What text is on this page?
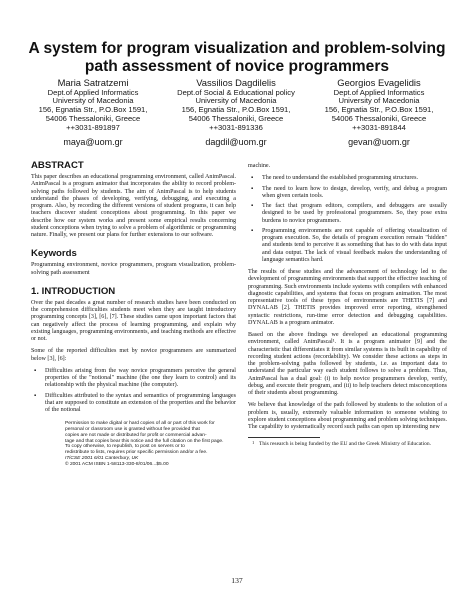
A system for program visualization and problem-solving
path assessment of novice programmers
Maria Satratzemi
Dept.of Applied Informatics
University of Macedonia
156, Egnatia Str., P.O.Box 1591,
54006 Thessaloniki, Greece
++3031-891897
maya@uom.gr
Vassilios Dagdilelis
Dept.of Social & Educational policy
University of Macedonia
156, Egnatia Str., P.O.Box 1591,
54006 Thessaloniki, Greece
++3031-891336
dagdil@uom.gr
Georgios Evagelidis
Dept.of Applied Informatics
University of Macedonia
156, Egnatia Str., P.O.Box 1591,
54006 Thessaloniki, Greece
++3031-891844
gevan@uom.gr
ABSTRACT

This paper describes an educational programming environment, called AnimPascal. AnimPascal is a program animator that incorporates the ability to record problem-solving paths followed by students. The aim of AnimPascal is to help students understand the phases of developing, verifying, debugging, and executing a program. Also, by recording the different versions of student programs, it can help teachers discover student conceptions about programming. In this paper we describe how our system works and present some empirical results concerning student conceptions when trying to solve a problem of algorithmic or programming nature. Finally, we present our plans for further extensions to our software.

Keywords

Programming environment, novice programmers, program visualization, problem-solving path assessment

1. INTRODUCTION

Over the past decades a great number of research studies have been conducted on the comprehension difficulties students meet when they are taught introductory programming concepts [3], [6], [7]. These studies came upon important factors that can negatively affect the process of learning programming, and explain why existing languages, programming environments, and teaching methods are effective or not.

Some of the reported difficulties met by novice programmers are summarized below [3], [6]:

▪ Difficulties arising from the way novice programmers perceive the general properties of the "notional" machine (the one they learn to control) and its relationship with the physical machine (the computer).
▪ Difficulties attributed to the syntax and semantics of programming languages that are supposed to constitute an extension of the properties and the behavior of the notional
Permission to make digital or hard copies of all or part of this work for
personal or classroom use is granted without fee provided that
copies are not made or distributed for profit or commercial advan-
tage and that copies bear this notice and the full citation on the first page.
To copy otherwise, to republish, to post on servers or to
redistribute to lists, requires prior specific permission and/or a fee.
ITiCSE 2001 6/01 Canterbury, UK
© 2001 ACM ISBN 1-58113-330-8/01/06...$5.00

machine.

▪ The need to understand the established programming structures.
▪ The need to learn how to design, develop, verify, and debug a program when given certain tools.
▪ The fact that program editors, compilers, and debuggers are usually designed to be used by professional programmers. So, they pose extra burdens to novice programmers.
▪ Programming environments are not capable of offering visualization of program execution. So, the details of program execution remain "hidden" and students tend to perceive it as something that has to do with data input and data output. The lack of visual feedback makes the understanding of language semantics hard.

The results of these studies and the advancement of technology led to the development of programming environments that support the effective teaching of programming. Such environments include systems with compilers with enhanced diagnostic capabilities, and systems that focus on program animation. The most representative tools of these types of environments are THETIS [7] and DYNALAB [2]. THETIS provides improved error reporting, strengthened syntactic restrictions, run-time error detection and debugging capabilities. DYNALAB is a program animator.

Based on the above findings we developed an educational programming environment, called AnimPascal¹. It is a program animator [9] and the characteristic that differentiates it from similar systems is its built in capability of recording student actions (recordability). We consider these actions as steps in the problem-solving paths followed by students, i.e. as important data to understand the particular way each student follows to solve a problem. Thus, AnimPascal has a dual goal: (i) to help novice programmers develop, verify, debug, and execute their program, and (ii) to help teachers detect misconceptions of their students about programming.

We believe that knowledge of the path followed by students to the solution of a problem is, usually, extremely valuable information to someone wishing to explore student conceptions about programming and problem solving techniques. The capability to systematically record such paths can open up interesting new

1 This research is being funded by the EU and the Greek Ministry of Education.
137
